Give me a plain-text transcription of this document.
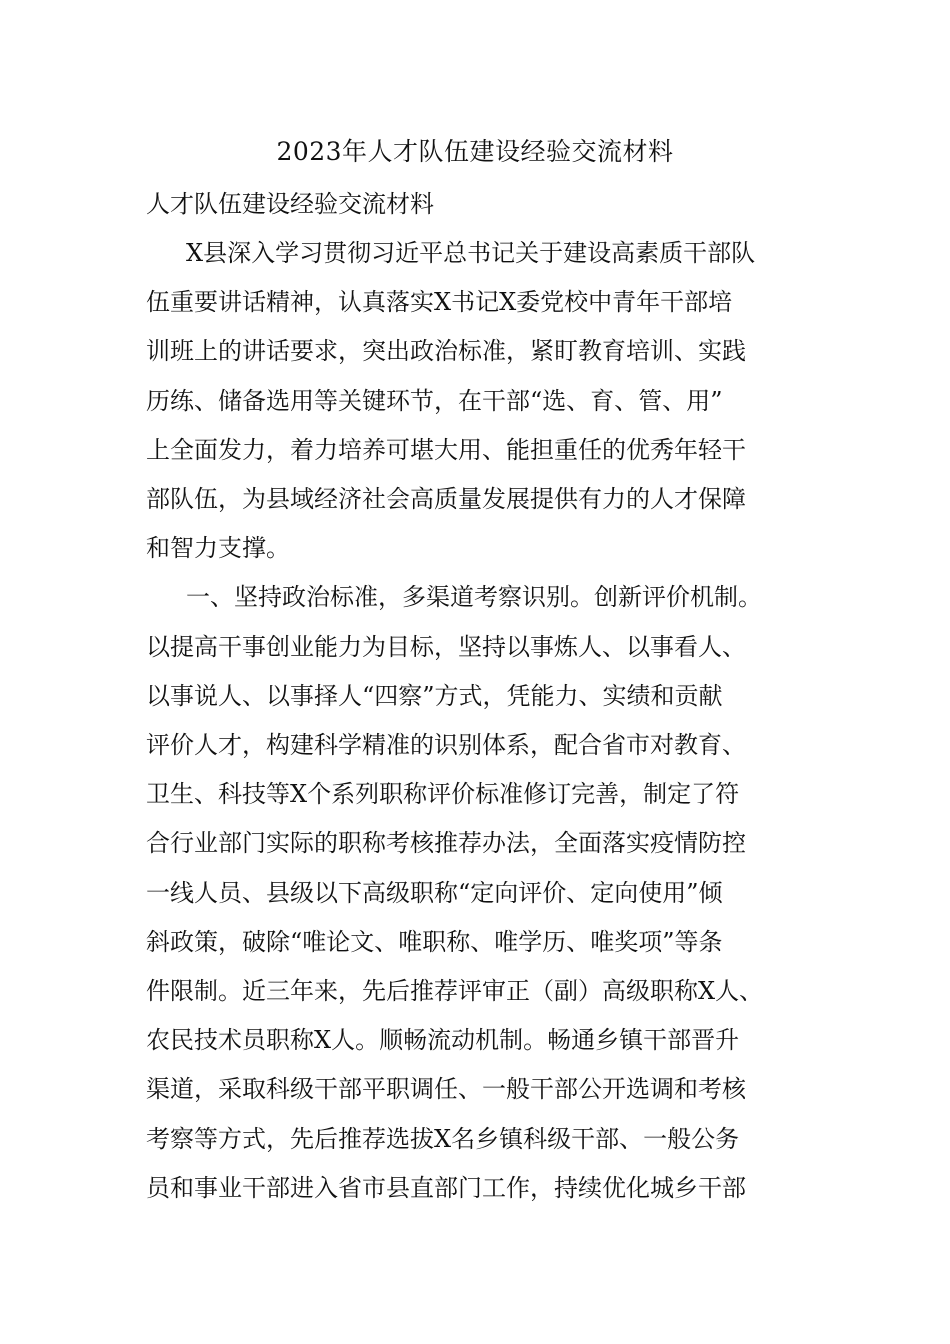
2023年人才队伍建设经验交流材料

人才队伍建设经验交流材料

X县深入学习贯彻习近平总书记关于建设高素质干部队
伍重要讲话精神，认真落实X书记X委党校中青年干部培
训班上的讲话要求，突出政治标准，紧盯教育培训、实践
历练、储备选用等关键环节，在干部“选、育、管、用”
上全面发力，着力培养可堪大用、能担重任的优秀年轻干
部队伍，为县域经济社会高质量发展提供有力的人才保障
和智力支撑。
一、坚持政治标准，多渠道考察识别。创新评价机制。
以提高干事创业能力为目标，坚持以事炼人、以事看人、
以事说人、以事择人“四察”方式，凭能力、实绩和贡献
评价人才，构建科学精准的识别体系，配合省市对教育、
卫生、科技等X个系列职称评价标准修订完善，制定了符
合行业部门实际的职称考核推荐办法，全面落实疫情防控
一线人员、县级以下高级职称“定向评价、定向使用”倾
斜政策，破除“唯论文、唯职称、唯学历、唯奖项”等条
件限制。近三年来，先后推荐评审正（副）高级职称X人、
农民技术员职称X人。顺畅流动机制。畅通乡镇干部晋升
渠道，采取科级干部平职调任、一般干部公开选调和考核
考察等方式，先后推荐选拔X名乡镇科级干部、一般公务
员和事业干部进入省市县直部门工作，持续优化城乡干部
